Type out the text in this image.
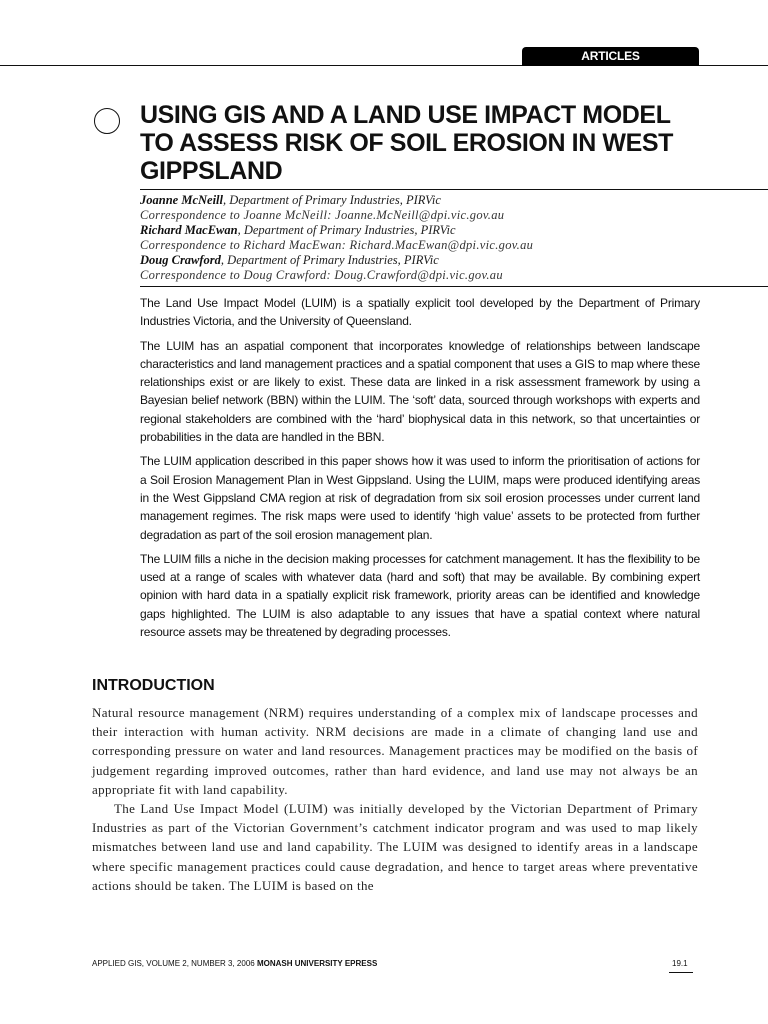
ARTICLES
USING GIS AND A LAND USE IMPACT MODEL TO ASSESS RISK OF SOIL EROSION IN WEST GIPPSLAND
Joanne McNeill, Department of Primary Industries, PIRVic
Correspondence to Joanne McNeill: Joanne.McNeill@dpi.vic.gov.au
Richard MacEwan, Department of Primary Industries, PIRVic
Correspondence to Richard MacEwan: Richard.MacEwan@dpi.vic.gov.au
Doug Crawford, Department of Primary Industries, PIRVic
Correspondence to Doug Crawford: Doug.Crawford@dpi.vic.gov.au

The Land Use Impact Model (LUIM) is a spatially explicit tool developed by the Department of Primary Industries Victoria, and the University of Queensland.

The LUIM has an aspatial component that incorporates knowledge of relationships between landscape characteristics and land management practices and a spatial component that uses a GIS to map where these relationships exist or are likely to exist. These data are linked in a risk assessment framework by using a Bayesian belief network (BBN) within the LUIM. The ‘soft’ data, sourced through workshops with experts and regional stakeholders are combined with the ‘hard’ biophysical data in this network, so that uncertainties or probabilities in the data are handled in the BBN.

The LUIM application described in this paper shows how it was used to inform the prioritisation of actions for a Soil Erosion Management Plan in West Gippsland. Using the LUIM, maps were produced identifying areas in the West Gippsland CMA region at risk of degradation from six soil erosion processes under current land management regimes. The risk maps were used to identify ‘high value’ assets to be protected from further degradation as part of the soil erosion management plan.

The LUIM fills a niche in the decision making processes for catchment management. It has the flexibility to be used at a range of scales with whatever data (hard and soft) that may be available. By combining expert opinion with hard data in a spatially explicit risk framework, priority areas can be identified and knowledge gaps highlighted. The LUIM is also adaptable to any issues that have a spatial context where natural resource assets may be threatened by degrading processes.

INTRODUCTION

Natural resource management (NRM) requires understanding of a complex mix of landscape processes and their interaction with human activity. NRM decisions are made in a climate of changing land use and corresponding pressure on water and land resources. Management practices may be modified on the basis of judgement regarding improved outcomes, rather than hard evidence, and land use may not always be an appropriate fit with land capability.

The Land Use Impact Model (LUIM) was initially developed by the Victorian Department of Primary Industries as part of the Victorian Government’s catchment indicator program and was used to map likely mismatches between land use and land capability. The LUIM was designed to identify areas in a landscape where specific management practices could cause degradation, and hence to target areas where preventative actions should be taken. The LUIM is based on the

APPLIED GIS, VOLUME 2, NUMBER 3, 2006 MONASH UNIVERSITY EPRESS	19.1
